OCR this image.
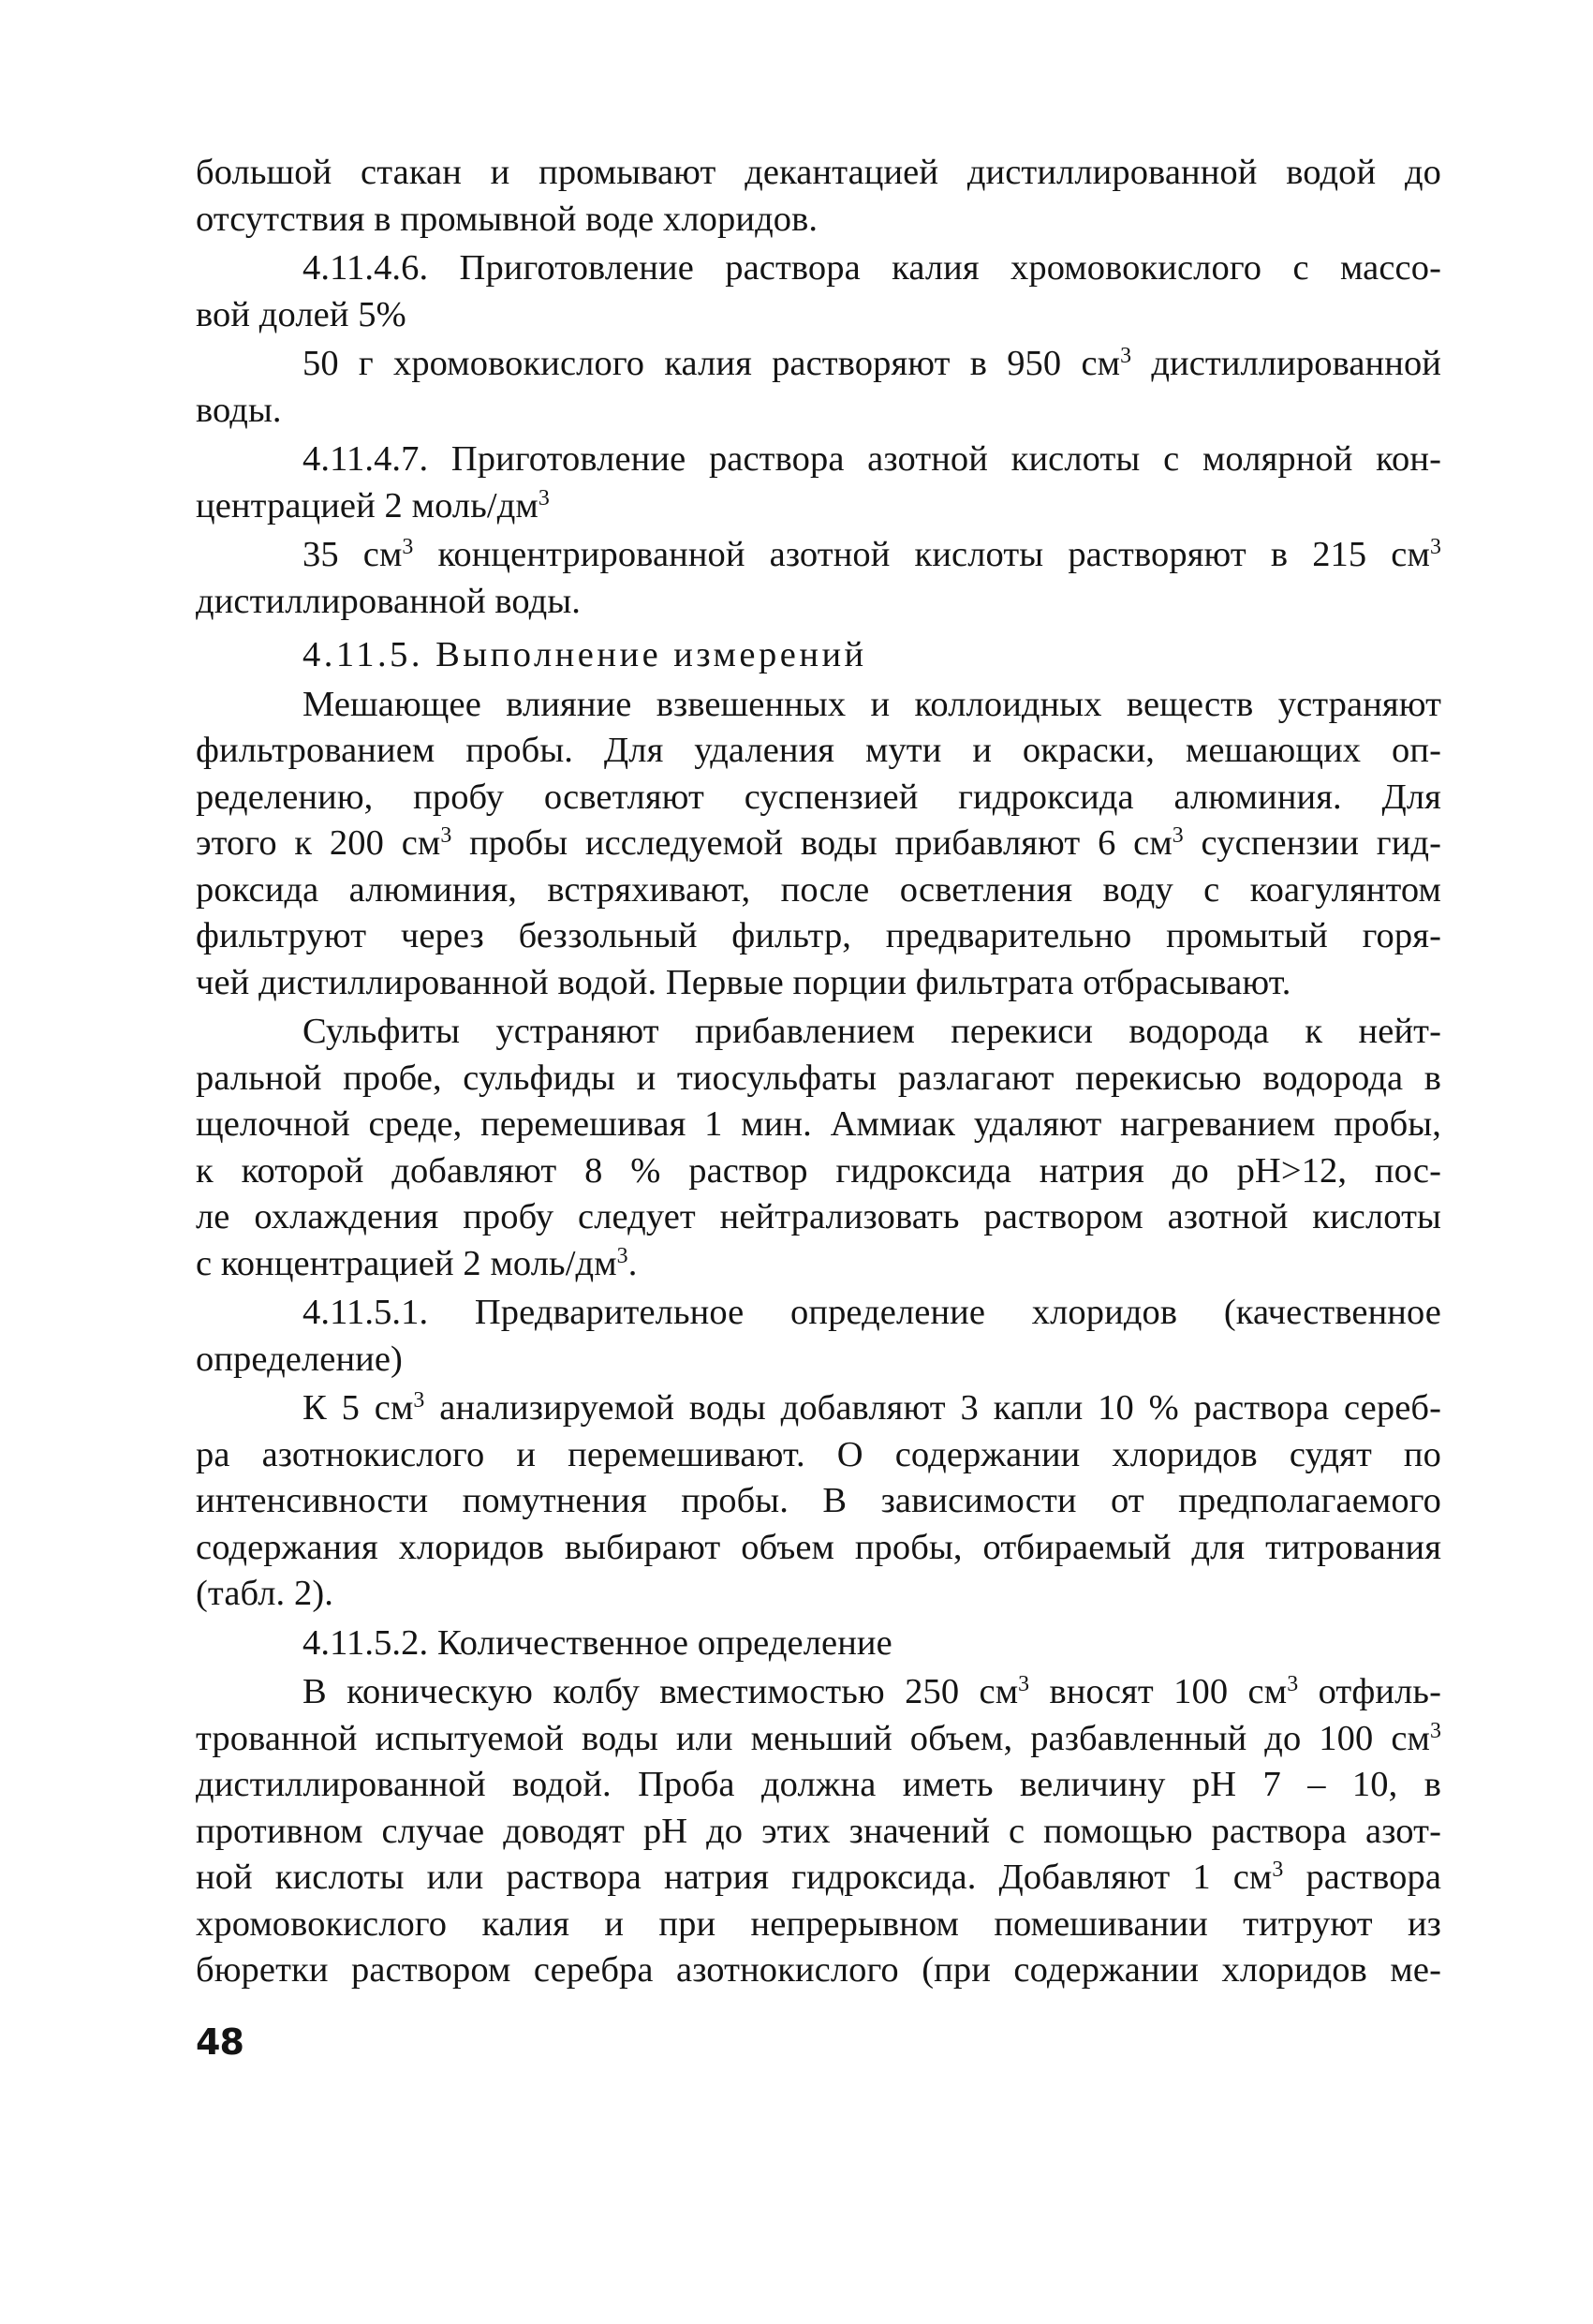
большой стакан и промывают декантацией дистиллированной водой до
отсутствия в промывной воде хлоридов.
4.11.4.6. Приготовление раствора калия хромовокислого с массо-
вой долей 5%
50 г хромовокислого калия растворяют в 950 $см^3$ дистиллированной
воды.
4.11.4.7. Приготовление раствора азотной кислоты с молярной кон-
центрацией 2 моль/$дм^3$
35 $см^3$ концентрированной азотной кислоты растворяют в 215 $см^3$
дистиллированной воды.
4.11.5. Выполнение измерений
Мешающее влияние взвешенных и коллоидных веществ устраняют
фильтрованием пробы. Для удаления мути и окраски, мешающих оп-
ределению, пробу осветляют суспензией гидроксида алюминия. Для
этого к 200 $см^3$ пробы исследуемой воды прибавляют 6 $см^3$ суспензии гид-
роксида алюминия, встряхивают, после осветления воду с коагулянтом
фильтруют через беззольный фильтр, предварительно промытый горя-
чей дистиллированной водой. Первые порции фильтрата отбрасывают.
Сульфиты устраняют прибавлением перекиси водорода к нейт-
ральной пробе, сульфиды и тиосульфаты разлагают перекисью водорода в
щелочной среде, перемешивая 1 мин. Аммиак удаляют нагреванием пробы,
к которой добавляют 8 % раствор гидроксида натрия до pH>12, пос-
ле охлаждения пробу следует нейтрализовать раствором азотной кислоты
с концентрацией 2 моль/$дм^3$.
4.11.5.1. Предварительное определение хлоридов (качественное
определение)
К 5 $см^3$ анализируемой воды добавляют 3 капли 10 % раствора сереб-
ра азотнокислого и перемешивают. О содержании хлоридов судят по
интенсивности помутнения пробы. В зависимости от предполагаемого
содержания хлоридов выбирают объем пробы, отбираемый для титрования
(табл. 2).
4.11.5.2. Количественное определение
В коническую колбу вместимостью 250 $см^3$ вносят 100 $см^3$ отфиль-
трованной испытуемой воды или меньший объем, разбавленный до 100 $см^3$
дистиллированной водой. Проба должна иметь величину pH 7 – 10, в
противном случае доводят pH до этих значений с помощью раствора азот-
ной кислоты или раствора натрия гидроксида. Добавляют 1 $см^3$ раствора
хромовокислого калия и при непрерывном помешивании титруют из
бюретки раствором серебра азотнокислого (при содержании хлоридов ме-
48
